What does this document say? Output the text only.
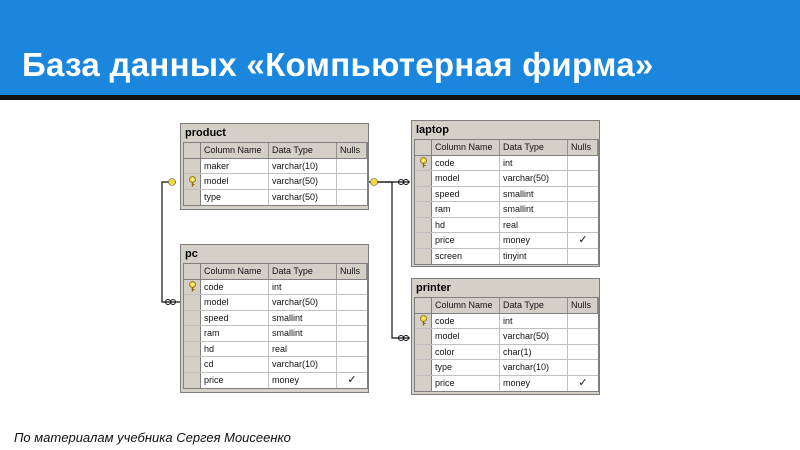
База данных «Компьютерная фирма»
product
Column Name	Data Type	Nulls
maker	varchar(10)
model	varchar(50)
type	varchar(50)
pc
Column Name	Data Type	Nulls
code	int
model	varchar(50)
speed	smallint
ram	smallint
hd	real
cd	varchar(10)
price	money	✓
laptop
Column Name	Data Type	Nulls
code	int
model	varchar(50)
speed	smallint
ram	smallint
hd	real
price	money	✓
screen	tinyint
printer
Column Name	Data Type	Nulls
code	int
model	varchar(50)
color	char(1)
type	varchar(10)
price	money	✓
По материалам учебника Сергея Моисеенко
